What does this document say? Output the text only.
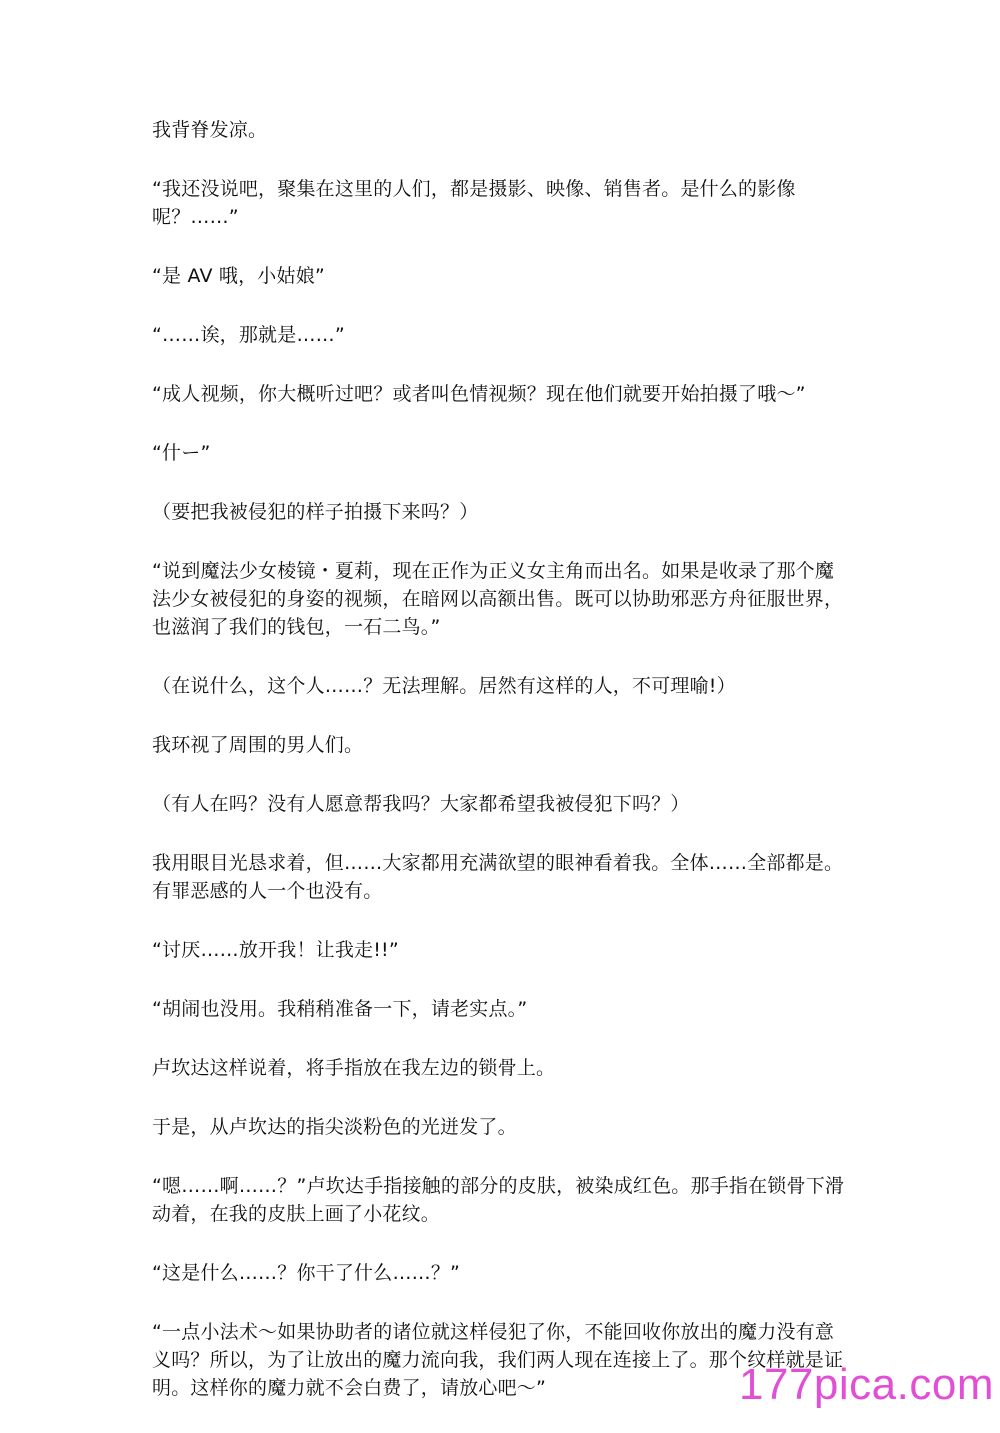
我背脊发凉。

“我还没说吧，聚集在这里的人们，都是摄影、映像、销售者。是什么的影像呢？……”

“是 AV 哦，小姑娘”

“……诶，那就是……”

“成人视频，你大概听过吧？或者叫色情视频？现在他们就要开始拍摄了哦～”

“什ー”

（要把我被侵犯的样子拍摄下来吗？）

“说到魔法少女棱镜・夏莉，现在正作为正义女主角而出名。如果是收录了那个魔法少女被侵犯的身姿的视频，在暗网以高额出售。既可以协助邪恶方舟征服世界，也滋润了我们的钱包，一石二鸟。”

（在说什么，这个人……？无法理解。居然有这样的人，不可理喻!）

我环视了周围的男人们。

（有人在吗？没有人愿意帮我吗？大家都希望我被侵犯下吗？）

我用眼目光恳求着，但……大家都用充满欲望的眼神看着我。全体……全部都是。有罪恶感的人一个也没有。

“讨厌……放开我！让我走!!”

“胡闹也没用。我稍稍准备一下，请老实点。”

卢坎达这样说着，将手指放在我左边的锁骨上。

于是，从卢坎达的指尖淡粉色的光迸发了。

“嗯……啊……？”卢坎达手指接触的部分的皮肤，被染成红色。那手指在锁骨下滑动着，在我的皮肤上画了小花纹。

“这是什么……？你干了什么……？”

“一点小法术～如果协助者的诸位就这样侵犯了你，不能回收你放出的魔力没有意义吗？所以，为了让放出的魔力流向我，我们两人现在连接上了。那个纹样就是证明。这样你的魔力就不会白费了，请放心吧～”	177pica.com
